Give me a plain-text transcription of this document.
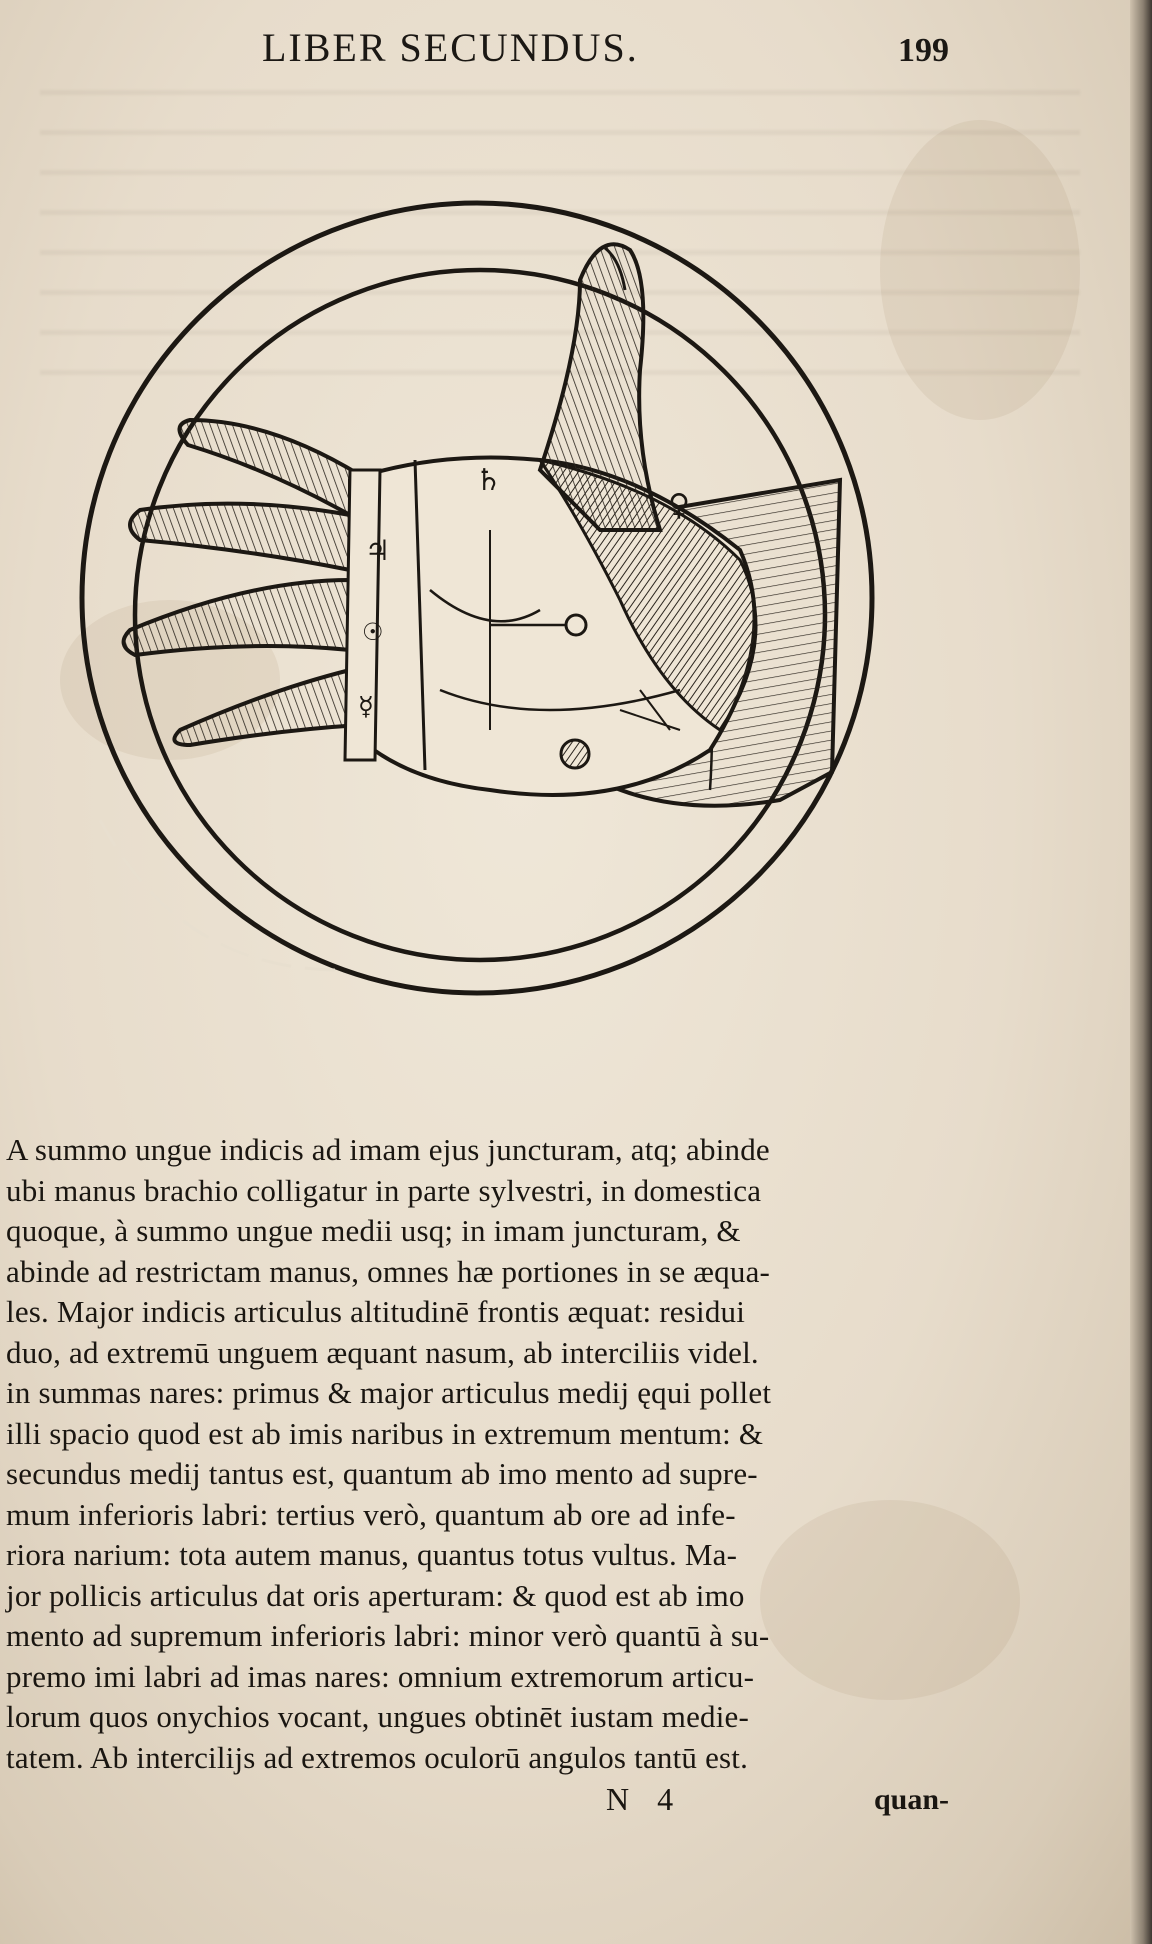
LIBER SECUNDUS.	199
♄
♃
☉
☿
♀
A summo ungue indicis ad imam ejus juncturam, atq; abinde
ubi manus brachio colligatur in parte sylvestri, in domestica
quoque, à summo ungue medii usq; in imam juncturam, &
abinde ad restrictam manus, omnes hæ portiones in se æqua-
les. Major indicis articulus altitudinē frontis æquat: residui
duo, ad extremū unguem æquant nasum, ab interciliis videl.
in summas nares: primus & major articulus medij ęqui pollet
illi spacio quod est ab imis naribus in extremum mentum: &
secundus medij tantus est, quantum ab imo mento ad supre-
mum inferioris labri: tertius verò, quantum ab ore ad infe-
riora narium: tota autem manus, quantus totus vultus. Ma-
jor pollicis articulus dat oris aperturam: & quod est ab imo
mento ad supremum inferioris labri: minor verò quantū à su-
premo imi labri ad imas nares: omnium extremorum articu-
lorum quos onychios vocant, ungues obtinēt iustam medie-
tatem. Ab intercilijs ad extremos oculorū angulos tantū est.
N 4	quan-
